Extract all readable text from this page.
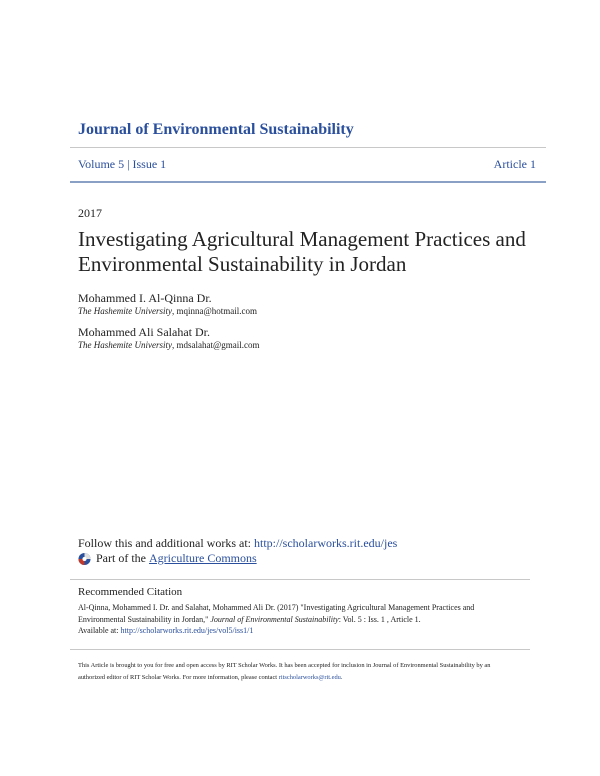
Journal of Environmental Sustainability
Volume 5 | Issue 1	Article 1
2017
Investigating Agricultural Management Practices and Environmental Sustainability in Jordan
Mohammed I. Al-Qinna Dr.
The Hashemite University, mqinna@hotmail.com
Mohammed Ali Salahat Dr.
The Hashemite University, mdsalahat@gmail.com
Follow this and additional works at: http://scholarworks.rit.edu/jes
Part of the
Agriculture Commons
Recommended Citation
Al-Qinna, Mohammed I. Dr. and Salahat, Mohammed Ali Dr. (2017) "Investigating Agricultural Management Practices and Environmental Sustainability in Jordan," Journal of Environmental Sustainability: Vol. 5 : Iss. 1 , Article 1.
Available at: http://scholarworks.rit.edu/jes/vol5/iss1/1
This Article is brought to you for free and open access by RIT Scholar Works. It has been accepted for inclusion in Journal of Environmental Sustainability by an authorized editor of RIT Scholar Works. For more information, please contact ritscholarworks@rit.edu.
